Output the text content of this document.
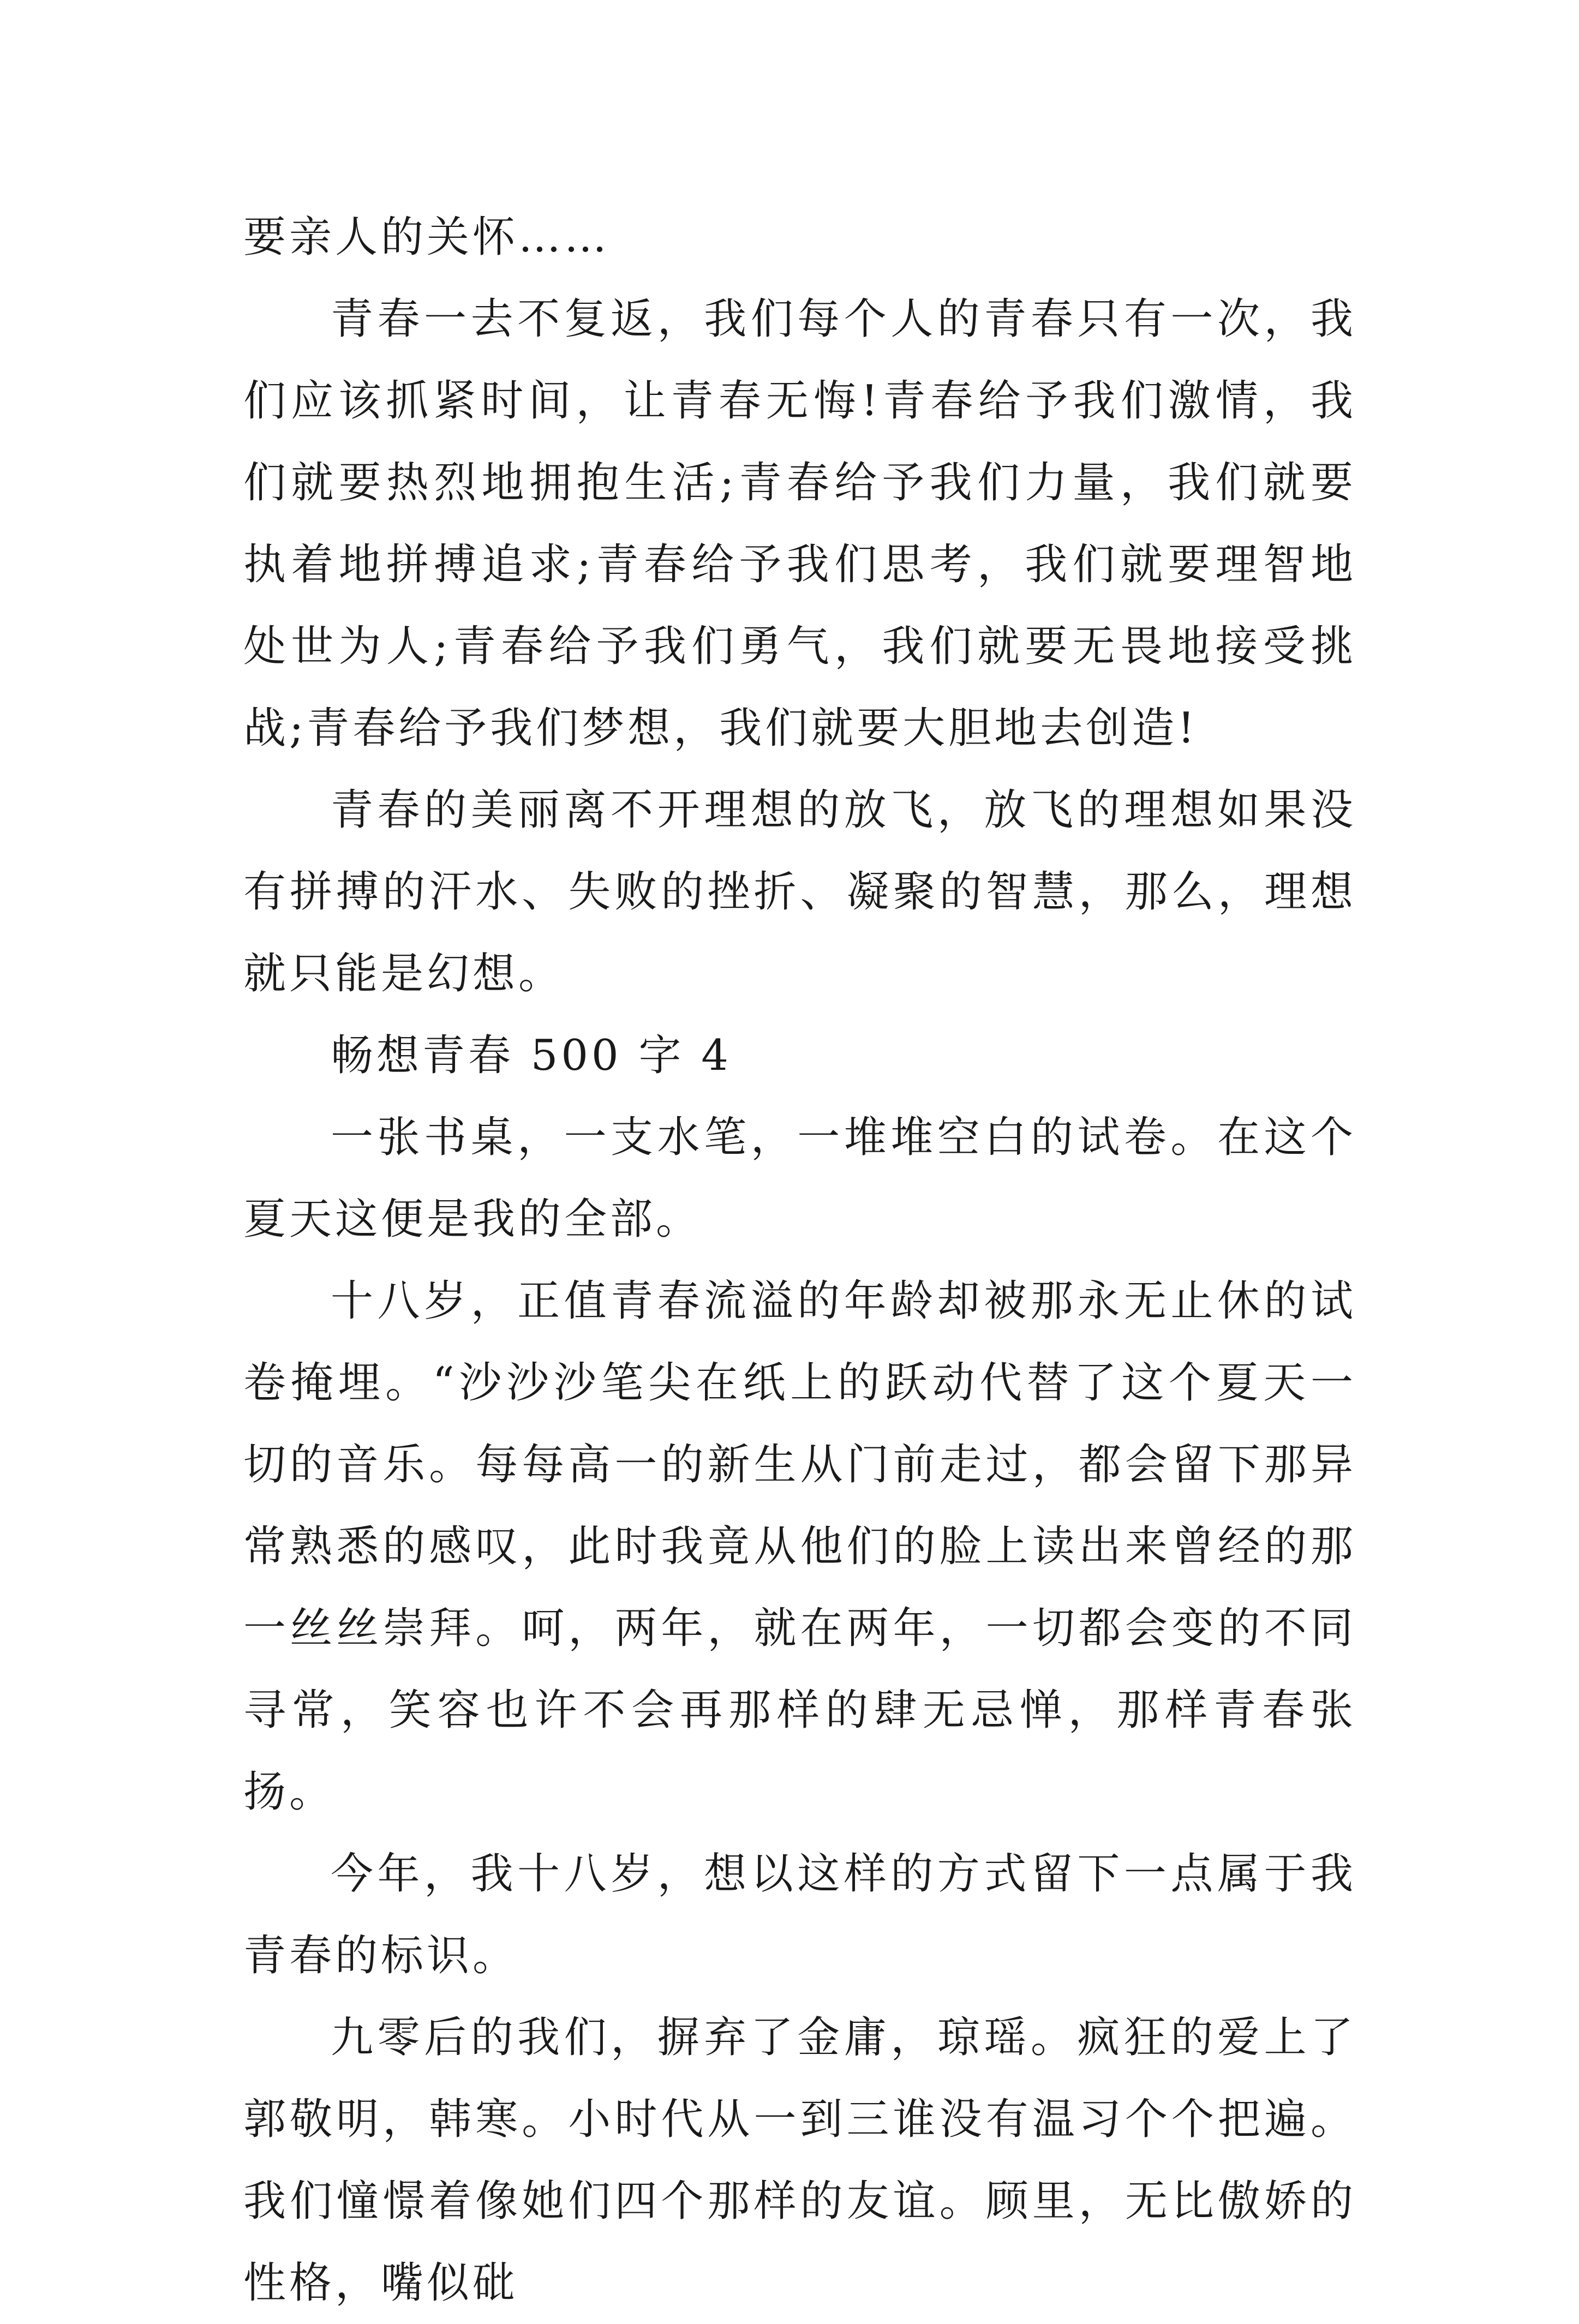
要亲人的关怀……

青春一去不复返，我们每个人的青春只有一次，我们应该抓紧时间，让青春无悔!青春给予我们激情，我们就要热烈地拥抱生活;青春给予我们力量，我们就要执着地拼搏追求;青春给予我们思考，我们就要理智地处世为人;青春给予我们勇气，我们就要无畏地接受挑战;青春给予我们梦想，我们就要大胆地去创造!

青春的美丽离不开理想的放飞，放飞的理想如果没有拼搏的汗水、失败的挫折、凝聚的智慧，那么，理想就只能是幻想。

畅想青春 500 字 4

一张书桌，一支水笔，一堆堆空白的试卷。在这个夏天这便是我的全部。

十八岁，正值青春流溢的年龄却被那永无止休的试卷掩埋。“沙沙沙笔尖在纸上的跃动代替了这个夏天一切的音乐。每每高一的新生从门前走过，都会留下那异常熟悉的感叹，此时我竟从他们的脸上读出来曾经的那一丝丝崇拜。呵，两年，就在两年，一切都会变的不同寻常，笑容也许不会再那样的肆无忌惮，那样青春张扬。

今年，我十八岁，想以这样的方式留下一点属于我青春的标识。

九零后的我们，摒弃了金庸，琼瑶。疯狂的爱上了郭敬明，韩寒。小时代从一到三谁没有温习个个把遍。我们憧憬着像她们四个那样的友谊。顾里，无比傲娇的性格，嘴似砒
